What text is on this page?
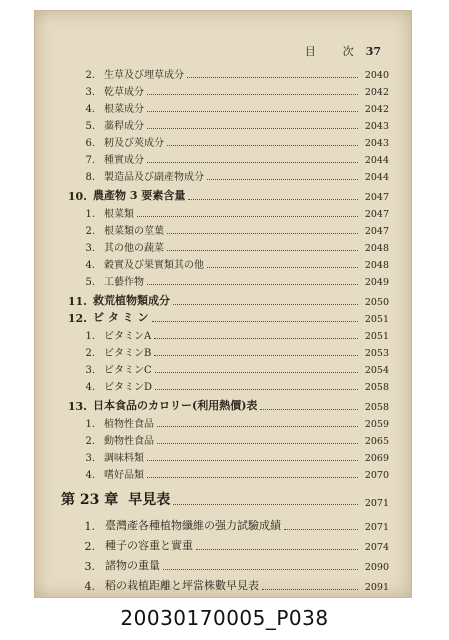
目　次 37
2. 生草及び埋草成分	2040
3. 乾草成分	2042
4. 根菜成分	2042
5. 藁稈成分	2043
6. 籾及び莢成分	2043
7. 種實成分	2044
8. 製造品及び副產物成分	2044
10. 農產物 3 要素含量	2047
1. 根菜類	2047
2. 根菜類の莖葉	2047
3. 其の他の蔬菜	2048
4. 穀實及び果實類其の他	2048
5. 工藝作物	2049
11. 救荒植物類成分	2050
12. ビ タ ミ ン	2051
1. ビタミンA	2051
2. ビタミンB	2053
3. ビタミンC	2054
4. ビタミンD	2058
13. 日本食品のカロリー(利用熱價)表	2058
1. 植物性食品	2059
2. 動物性食品	2065
3. 調味料類	2069
4. 嗜好品類	2070
第 23 章 早見表	2071
1. 臺灣產各種植物纖維の强力試驗成績	2071
2. 種子の容重と實重	2074
3. 諸物の重量	2090
4. 稻の栽植距離と坪當株數早見表	2091
20030170005_P038
